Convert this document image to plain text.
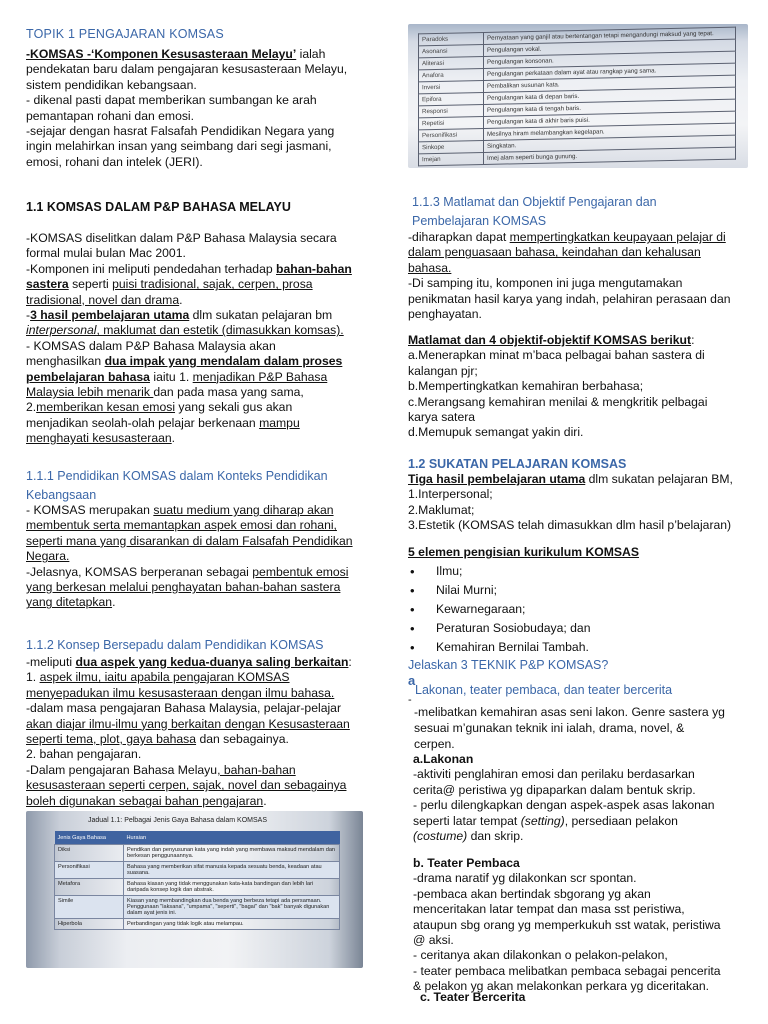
TOPIK 1 PENGAJARAN KOMSAS

-KOMSAS -‘Komponen Kesusasteraan Melayu’ ialah

pendekatan baru dalam pengajaran kesusasteraan Melayu,

sistem pendidikan kebangsaan.

- dikenal pasti dapat memberikan sumbangan ke arah

pemantapan rohani dan emosi.

-sejajar dengan hasrat Falsafah Pendidikan Negara yang

ingin melahirkan insan yang seimbang dari segi jasmani,

emosi, rohani dan intelek (JERI).

1.1 KOMSAS DALAM P&P BAHASA MELAYU

-KOMSAS diselitkan dalam P&P Bahasa Malaysia secara

formal mulai bulan Mac 2001.

-Komponen ini meliputi pendedahan terhadap bahan-bahan

sastera seperti puisi tradisional, sajak, cerpen, prosa

tradisional, novel dan drama.

-3 hasil pembelajaran utama dlm sukatan pelajaran bm

interpersonal, maklumat dan estetik (dimasukkan komsas).

- KOMSAS dalam P&P Bahasa Malaysia akan

menghasilkan dua impak yang mendalam dalam proses

pembelajaran bahasa iaitu 1. menjadikan P&P Bahasa

Malaysia lebih menarik dan pada masa yang sama,

2.memberikan kesan emosi yang sekali gus akan

menjadikan seolah-olah pelajar berkenaan mampu

menghayati kesusasteraan.

1.1.1 Pendidikan KOMSAS dalam Konteks Pendidikan

Kebangsaan

- KOMSAS merupakan suatu medium yang diharap akan

membentuk serta memantapkan aspek emosi dan rohani,

seperti mana yang disarankan di dalam Falsafah Pendidikan

Negara.

-Jelasnya, KOMSAS berperanan sebagai pembentuk emosi

yang berkesan melalui penghayatan bahan-bahan sastera

yang ditetapkan.

1.1.2 Konsep Bersepadu dalam Pendidikan KOMSAS

-meliputi dua aspek yang kedua-duanya saling berkaitan:

1. aspek ilmu, iaitu apabila pengajaran KOMSAS

menyepadukan ilmu kesusasteraan dengan ilmu bahasa.

-dalam masa pengajaran Bahasa Malaysia, pelajar-pelajar

akan diajar ilmu-ilmu yang berkaitan dengan Kesusasteraan

seperti tema, plot, gaya bahasa dan sebagainya.

2. bahan pengajaran.

-Dalam pengajaran Bahasa Melayu, bahan-bahan

kesusasteraan seperti cerpen, sajak, novel dan sebagainya

boleh digunakan sebagai bahan pengajaran.

Jadual 1.1: Pelbagai Jenis Gaya Bahasa dalam KOMSAS
Jenis Gaya Bahasa	Huraian
Diksi	Pendikan dan penyusunan kata yang indah yang membawa maksud mendalam dan berkesan penggunaannya.
Personifikasi	Bahasa yang memberikan sifat manusia kepada sesuatu benda, keadaan atau suasana.
Metafora	Bahasa kiasan yang tidak menggunakan kata-kata bandingan dan lebih lari daripada konsep logik dan abstrak.
Simile	Kiasan yang membandingkan dua benda yang berbeza tetapi ada persamaan. Penggunaan "laksana", "umpama", "seperti", "bagai" dan "bak" banyak digunakan dalam ayat jenis ini.
Hiperbola	Perbandingan yang tidak logik atau melampau.
Paradoks	Pernyataan yang ganjil atau bertentangan tetapi mengandungi maksud yang tepat.
Asonansi	Pengulangan vokal.
Aliterasi	Pengulangan konsonan.
Anafora	Pengulangan perkataan dalam ayat atau rangkap yang sama.
Inversi	Pembalikan susunan kata.
Epifora	Pengulangan kata di depan baris.
Responsi	Pengulangan kata di tengah baris.
Repetisi	Pengulangan kata di akhir baris puisi.
Personifikasi	Mesilnya hiram melambangkan kegelapan.
Sinkope	Singkatan.
Imejan	Imej alam seperti bunga gunung.

1.1.3 Matlamat dan Objektif Pengajaran dan

Pembelajaran KOMSAS

-diharapkan dapat mempertingkatkan keupayaan pelajar di

dalam penguasaan bahasa, keindahan dan kehalusan

bahasa.

-Di samping itu, komponen ini juga mengutamakan

penikmatan hasil karya yang indah, pelahiran perasaan dan

penghayatan.

Matlamat dan 4 objektif-objektif KOMSAS berikut:

a.Menerapkan minat m’baca pelbagai bahan sastera di

kalangan pjr;

b.Mempertingkatkan kemahiran berbahasa;

c.Merangsang kemahiran menilai & mengkritik pelbagai

karya satera

d.Memupuk semangat yakin diri.

1.2 SUKATAN PELAJARAN KOMSAS

Tiga hasil pembelajaran utama dlm sukatan pelajaran BM,

1.Interpersonal;

2.Maklumat;

3.Estetik (KOMSAS telah dimasukkan dlm hasil p’belajaran)

5 elemen pengisian kurikulum KOMSAS

• Ilmu;
• Nilai Murni;
• Kewarnegaraan;
• Peraturan Sosiobudaya; dan
• Kemahiran Bernilai Tambah.

Jelaskan 3 TEKNIK P&P KOMSAS?

a

Lakonan, teater pembaca, dan teater bercerita

-

-melibatkan kemahiran asas seni lakon. Genre sastera yg

sesuai m’gunakan teknik ini ialah, drama, novel, &

cerpen.

a.Lakonan

-aktiviti penglahiran emosi dan perilaku berdasarkan

cerita@ peristiwa yg dipaparkan dalam bentuk skrip.

- perlu dilengkapkan dengan aspek-aspek asas lakonan

seperti latar tempat (setting), persediaan pelakon

(costume) dan skrip.

b. Teater Pembaca

-drama naratif yg dilakonkan scr spontan.

-pembaca akan bertindak sbgorang yg akan

menceritakan latar tempat dan masa sst peristiwa,

ataupun sbg orang yg memperkukuh sst watak, peristiwa

@ aksi.

- ceritanya akan dilakonkan o pelakon-pelakon,

- teater pembaca melibatkan pembaca sebagai pencerita

& pelakon yg akan melakonkan perkara yg diceritakan.

c. Teater Bercerita
